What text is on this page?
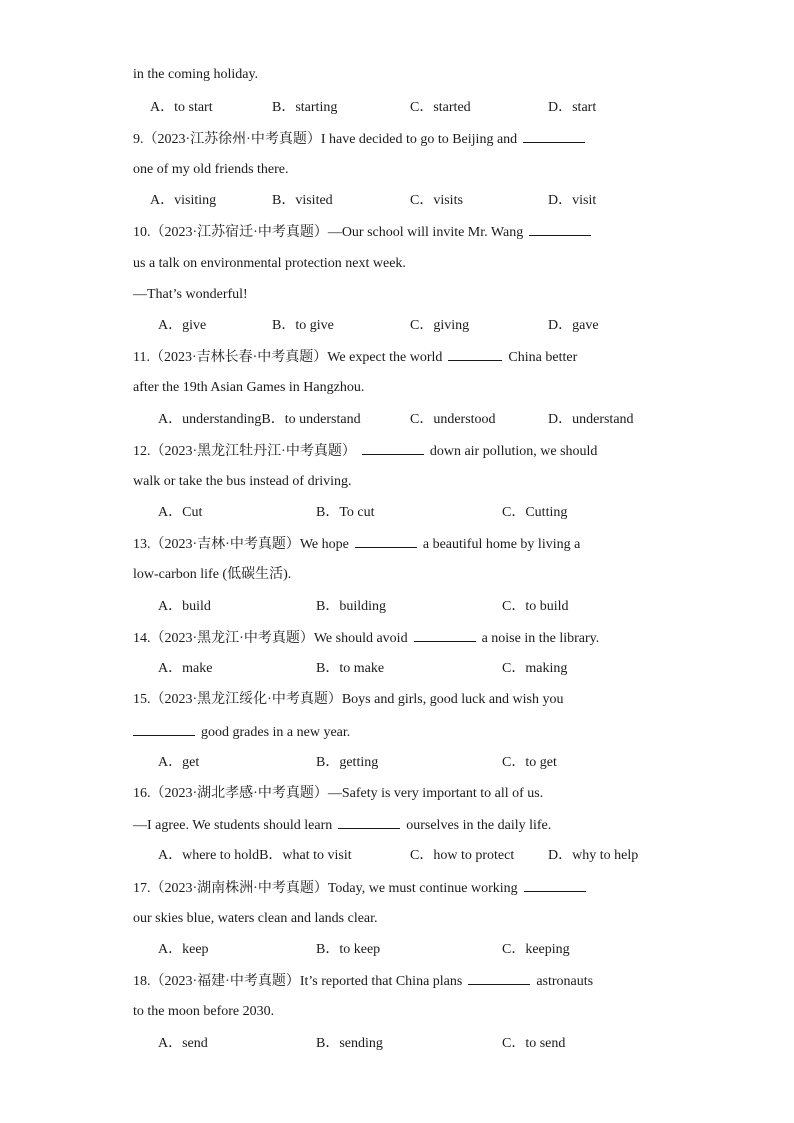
in the coming holiday.
A．to start	B．starting	C．started	D．start
9.（2023·江苏徐州·中考真题）I have decided to go to Beijing and
one of my old friends there.
A．visiting	B．visited	C．visits	D．visit
10.（2023·江苏宿迁·中考真题）—Our school will invite Mr. Wang
us a talk on environmental protection next week.
—That’s wonderful!
A．give	B．to give	C．giving	D．gave
11.（2023·吉林长春·中考真题）We expect the world	China better
after the 19th Asian Games in Hangzhou.
A．understandingB．to understand	C．understood	D．understand
12.（2023·黑龙江牡丹江·中考真题）	down air pollution, we should
walk or take the bus instead of driving.
A．Cut	B．To cut	C．Cutting
13.（2023·吉林·中考真题）We hope	a beautiful home by living a
low-carbon life (低碳生活).
A．build	B．building	C．to build
14.（2023·黑龙江·中考真题）We should avoid	a noise in the library.
A．make	B．to make	C．making
15.（2023·黑龙江绥化·中考真题）Boys and girls, good luck and wish you
good grades in a new year.
A．get	B．getting	C．to get
16.（2023·湖北孝感·中考真题）—Safety is very important to all of us.
—I agree. We students should learn	ourselves in the daily life.
A．where to holdB．what to visit	C．how to protect D．why to help
17.（2023·湖南株洲·中考真题）Today, we must continue working
our skies blue, waters clean and lands clear.
A．keep	B．to keep	C．keeping
18.（2023·福建·中考真题）It’s reported that China plans	astronauts
to the moon before 2030.
A．send	B．sending	C．to send
